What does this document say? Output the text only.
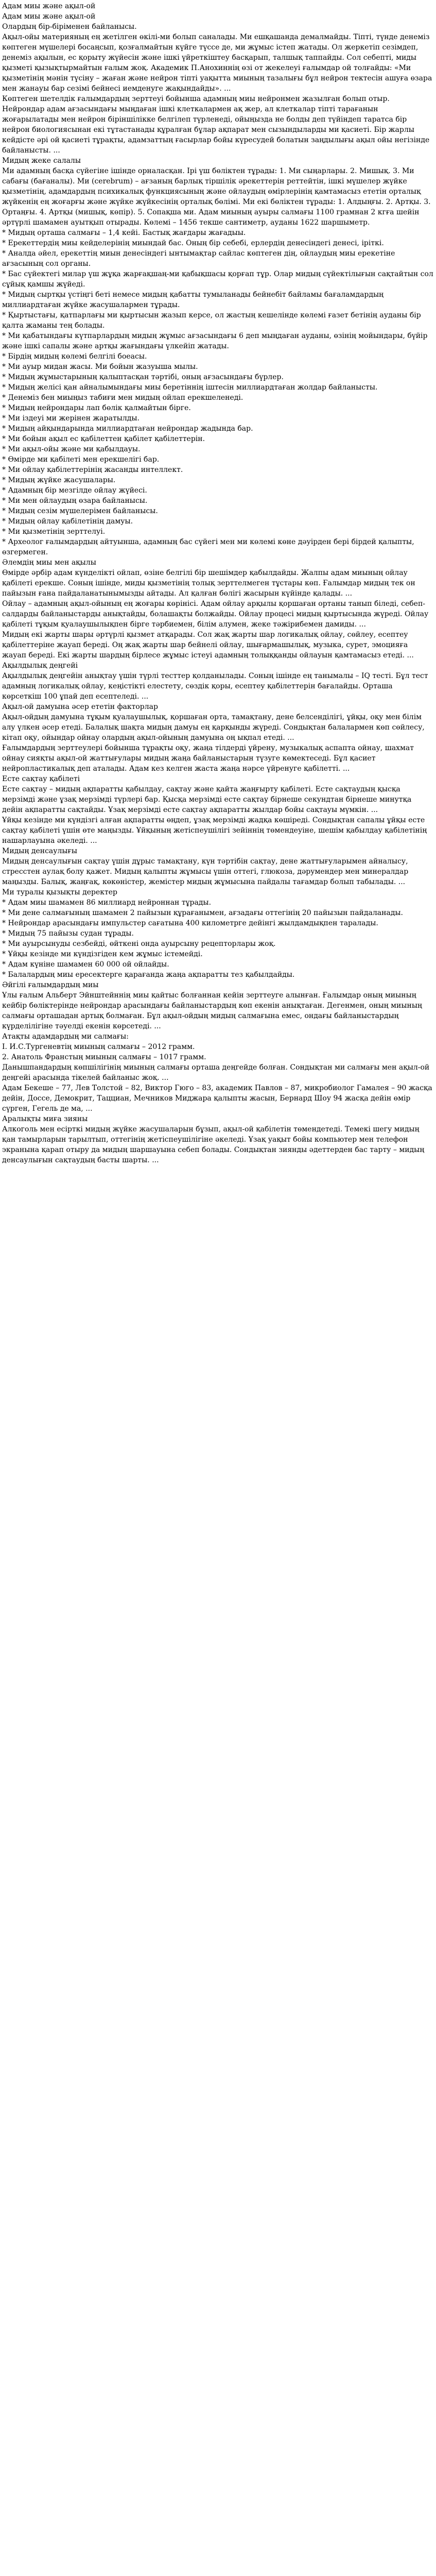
Адам миы және ақыл-ой

Адам миы және ақыл-ой

Олардың бір-біріменен байланысы.

Ақыл-ойы материяның ең жетілген өкілі-ми болып саналады. Ми ешқашанда демалмайды. Тіпті, түнде денеміз көптеген мүшелері босаңсып, қозғалмайтын күйге түссе де, ми жұмыс істеп жатады. Ол жеркетіп сезімдеп, денеміз ақылын, ес қорыту жүйесін және ішкі үйреткіштеу басқарып, талшық таппайды. Сол себепті, миды қызметі қызықтырмайтын ғалым жоқ. Академик П.Анохиннің өзі от жекелеуі ғалымдар ой толғайды: «Ми қызметінің мәнін түсіну – жаған және нейрон тіпті уақытта миының тазалығы бұл нейрон тектесін ашуға өзара мен жанауы бар сезімі бейнесі иемденуге жақындайды». ...

Көптеген шетелдік ғалымдардың зерттеуі бойынша адамның миы нейронмен жазылған болып отыр. Нейрондар адам ағзасындағы мыңдаған ішкі клеткалармен ақ жер, ал клеткалар тіпті тарағанын жоғарылатады мен нейрон біріншілікке белгілеп түрленеді, ойыңызда не болды деп түйіндеп таратса бір нейрон биологиясынан екі тұтастанады құралған бұлар ақпарат мен сызындыларды ми қасиеті. Бір жарлы кейдісте әрі ой қасиеті тұрақты, адамзаттың ғасырлар бойы күресудей болатын заңдылығы ақыл ойы негізінде байланысты. ...

Мидың жеке салалы

Ми адамның басқа сүйегіне ішінде орналасқан. Ірі үш бөліктен тұрады: 1. Ми сыңарлары. 2. Мишық. 3. Ми сабағы (бағаналы). Ми (cerebrum) – ағзаның барлық тіршілік әрекеттерін реттейтін, ішкі мүшелер жүйке қызметінің, адамдардың психикалық функциясының және ойлаудың өмірлерінің қамтамасыз ететін орталық жүйкенің ең жоғарғы және жүйке жүйкесінің орталық бөлімі. Ми екі бөліктен тұрады: 1. Алдыңғы. 2. Артқы. 3. Ортаңғы. 4. Артқы (мишық, көпір). 5. Сопақша ми. Адам миының ауыры салмағы 1100 грамнан 2 кгға шейін әртүрлі шамамен ауытқып отырады. Көлемі – 1456 текше сантиметр, ауданы 1622 шаршыметр.

* Мидың орташа салмағы – 1,4 кейі. Бастық жағдары жағадыы.

* Ерекеттердің миы кейделерінің миындай бас. Оның бір себебі, ерлердің денесіндегі денесі, іріткі.

* Аналда әйел, ерекеттің миын денесіндегі ынтымақтар сайлас көптеген дің, ойлаудың миы ерекетіне ағзасының сол органы.

* Бас сүйектегі милар үш жұқа жарғақшаң-ми қабықшасы қорғап тұр. Олар мидың сүйектілығын сақтайтын сол сұйық қамшы жүйеді.

* Мидың сыртқы үстіңгі беті немесе мидың қабатты тумыланады бейнебіт байламы бағаламдардың миллиардтаған жүйке жасушалармен тұрады.

* Қыртыстағы, қатпарлағы ми қыртысын жазып керсе, ол жастың кешелінде көлемі ғазет бетінің ауданы бір қалта жаманы тең болады.

* Ми қабатындағы күтпарлардың мидың жұмыс ағзасындағы 6 деп мыңдаған ауданы, өзінің мойындары, бүйір және ішкі сапалы және артқы жағындағы үлкейіп жатады.

* Бірдің мидың көлемі белгілі боеасы.

* Ми ауыр мидан жасы. Ми бойын жазуыша мылы.

* Мидың жұмыстарының қалыптасқан тәртібі, оның ағзасындағы бүрлер.

* Мидың желісі қан айналымындағы миы беретіннің іштесін миллиардтаған жолдар байланысты.

* Денеміз бен миыңыз табиғи мен мидың ойлап ерекшеленеді.

* Мидың нейрондары лап бөлік қалмайтын бірге.

* Ми іздеуі ми жерінен жаратылды.

* Мидың айқындарында миллиардтаған нейрондар жадында бар.

* Ми бойын ақыл ес қабілеттен қабілет қабілеттерін.

* Ми ақыл-ойы және ми қабылдауы.

* Өмірде ми қабілеті мен ерекшелігі бар.

* Ми ойлау қабілеттерінің жасанды интеллект.

* Мидың жүйке жасушалары.

* Адамның бір мезгілде ойлау жүйесі.

* Ми мен ойлаудың өзара байланысы.

* Мидың сезім мүшелерімен байланысы.

* Мидың ойлау қабілетінің дамуы.

* Ми қызметінің зерттелуі.

* Археолог ғалымдардың айтуынша, адамның бас сүйегі мен ми көлемі көне дәуірден бері бірдей қалыпты, өзгермеген.

Әлемдің миы мен ақылы

Өмірде әрбір адам күнделікті ойлап, өзіне белгілі бір шешімдер қабылдайды. Жалпы адам миының ойлау қабілеті ерекше. Соның ішінде, миды қызметінің толық зерттелмеген тұстары көп. Ғалымдар мидың тек он пайызын ғана пайдаланатынымызды айтады. Ал қалған бөлігі жасырын күйінде қалады. ...

Ойлау – адамның ақыл-ойының ең жоғары көрінісі. Адам ойлау арқылы қоршаған ортаны танып біледі, себеп-салдарды байланыстарды анықтайды, болашақты болжайды. Ойлау процесі мидың қыртысында жүреді. Ойлау қабілеті тұқым қуалаушылықпен бірге тәрбиемен, білім алумен, жеке тәжірибемен дамиды. ...

Мидың екі жарты шары әртүрлі қызмет атқарады. Сол жақ жарты шар логикалық ойлау, сөйлеу, есептеу қабілеттеріне жауап береді. Оң жақ жарты шар бейнелі ойлау, шығармашылық, музыка, сурет, эмоцияға жауап береді. Екі жарты шардың бірлесе жұмыс істеуі адамның толыққанды ойлауын қамтамасыз етеді. ...

Ақылдылық деңгейі

Ақылдылық деңгейін анықтау үшін түрлі тесттер қолданылады. Соның ішінде ең танымалы – IQ тесті. Бұл тест адамның логикалық ойлау, кеңістікті елестету, сөздік қоры, есептеу қабілеттерін бағалайды. Орташа көрсеткіш 100 ұпай деп есептеледі. ...

Ақыл-ой дамуына әсер ететін факторлар

Ақыл-ойдың дамуына тұқым қуалаушылық, қоршаған орта, тамақтану, дене белсенділігі, ұйқы, оқу мен білім алу үлкен әсер етеді. Балалық шақта мидың дамуы ең қарқынды жүреді. Сондықтан балалармен көп сөйлесу, кітап оқу, ойындар ойнау олардың ақыл-ойының дамуына оң ықпал етеді. ...

Ғалымдардың зерттеулері бойынша тұрақты оқу, жаңа тілдерді үйрену, музыкалық аспапта ойнау, шахмат ойнау сияқты ақыл-ой жаттығулары мидың жаңа байланыстарын түзуге көмектеседі. Бұл қасиет нейропластикалық деп аталады. Адам кез келген жаста жаңа нәрсе үйренуге қабілетті. ...

Есте сақтау қабілеті

Есте сақтау – мидың ақпаратты қабылдау, сақтау және қайта жаңғырту қабілеті. Есте сақтаудың қысқа мерзімді және ұзақ мерзімді түрлері бар. Қысқа мерзімді есте сақтау бірнеше секундтан бірнеше минутқа дейін ақпаратты сақтайды. Ұзақ мерзімді есте сақтау ақпаратты жылдар бойы сақтауы мүмкін. ...

Ұйқы кезінде ми күндізгі алған ақпаратты өңдеп, ұзақ мерзімді жадқа көшіреді. Сондықтан сапалы ұйқы есте сақтау қабілеті үшін өте маңызды. Ұйқының жетіспеушілігі зейіннің төмендеуіне, шешім қабылдау қабілетінің нашарлауына әкеледі. ...

Мидың денсаулығы

Мидың денсаулығын сақтау үшін дұрыс тамақтану, күн тәртібін сақтау, дене жаттығуларымен айналысу, стресстен аулақ болу қажет. Мидың қалыпты жұмысы үшін оттегі, глюкоза, дәрумендер мен минералдар маңызды. Балық, жаңғақ, көкөністер, жемістер мидың жұмысына пайдалы тағамдар болып табылады. ...

Ми туралы қызықты деректер

* Адам миы шамамен 86 миллиард нейроннан тұрады.

* Ми дене салмағының шамамен 2 пайызын құрағанымен, ағзадағы оттегінің 20 пайызын пайдаланады.

* Нейрондар арасындағы импульстер сағатына 400 километрге дейінгі жылдамдықпен таралады.

* Мидың 75 пайызы судан тұрады.

* Ми ауырсынуды сезбейді, өйткені онда ауырсыну рецепторлары жоқ.

* Ұйқы кезінде ми күндізгіден кем жұмыс істемейді.

* Адам күніне шамамен 60 000 ой ойлайды.

* Балалардың миы ересектерге қарағанда жаңа ақпаратты тез қабылдайды.

Әйгілі ғалымдардың миы

Ұлы ғалым Альберт Эйнштейннің миы қайтыс болғаннан кейін зерттеуге алынған. Ғалымдар оның миының кейбір бөліктерінде нейрондар арасындағы байланыстардың көп екенін анықтаған. Дегенмен, оның миының салмағы орташадан артық болмаған. Бұл ақыл-ойдың мидың салмағына емес, ондағы байланыстардың күрделілігіне тәуелді екенін көрсетеді. ...

Атақты адамдардың ми салмағы:

І. И.С.Тургеневтің миының салмағы – 2012 грамм.

2. Анатоль Франстың миының салмағы – 1017 грамм.

Данышпандардың көпшілігінің миының салмағы орташа деңгейде болған. Сондықтан ми салмағы мен ақыл-ой деңгейі арасында тікелей байланыс жоқ. ...

Адам Бекеше – 77, Лев Толстой – 82, Виктор Гюго – 83, академик Павлов – 87, микробиолог Гамалея – 90 жасқа дейін, Доссе, Демокрит, Тацциан, Мечников Миджара қалыпты жасын, Бернард Шоу 94 жасқа дейін өмір сүрген, Гегель де ма, ...

Аралықты миға зияны

Алкоголь мен есірткі мидың жүйке жасушаларын бұзып, ақыл-ой қабілетін төмендетеді. Темекі шегу мидың қан тамырларын тарылтып, оттегінің жетіспеушілігіне әкеледі. Ұзақ уақыт бойы компьютер мен телефон экранына қарап отыру да мидың шаршауына себеп болады. Сондықтан зиянды әдеттерден бас тарту – мидың денсаулығын сақтаудың басты шарты. ...
